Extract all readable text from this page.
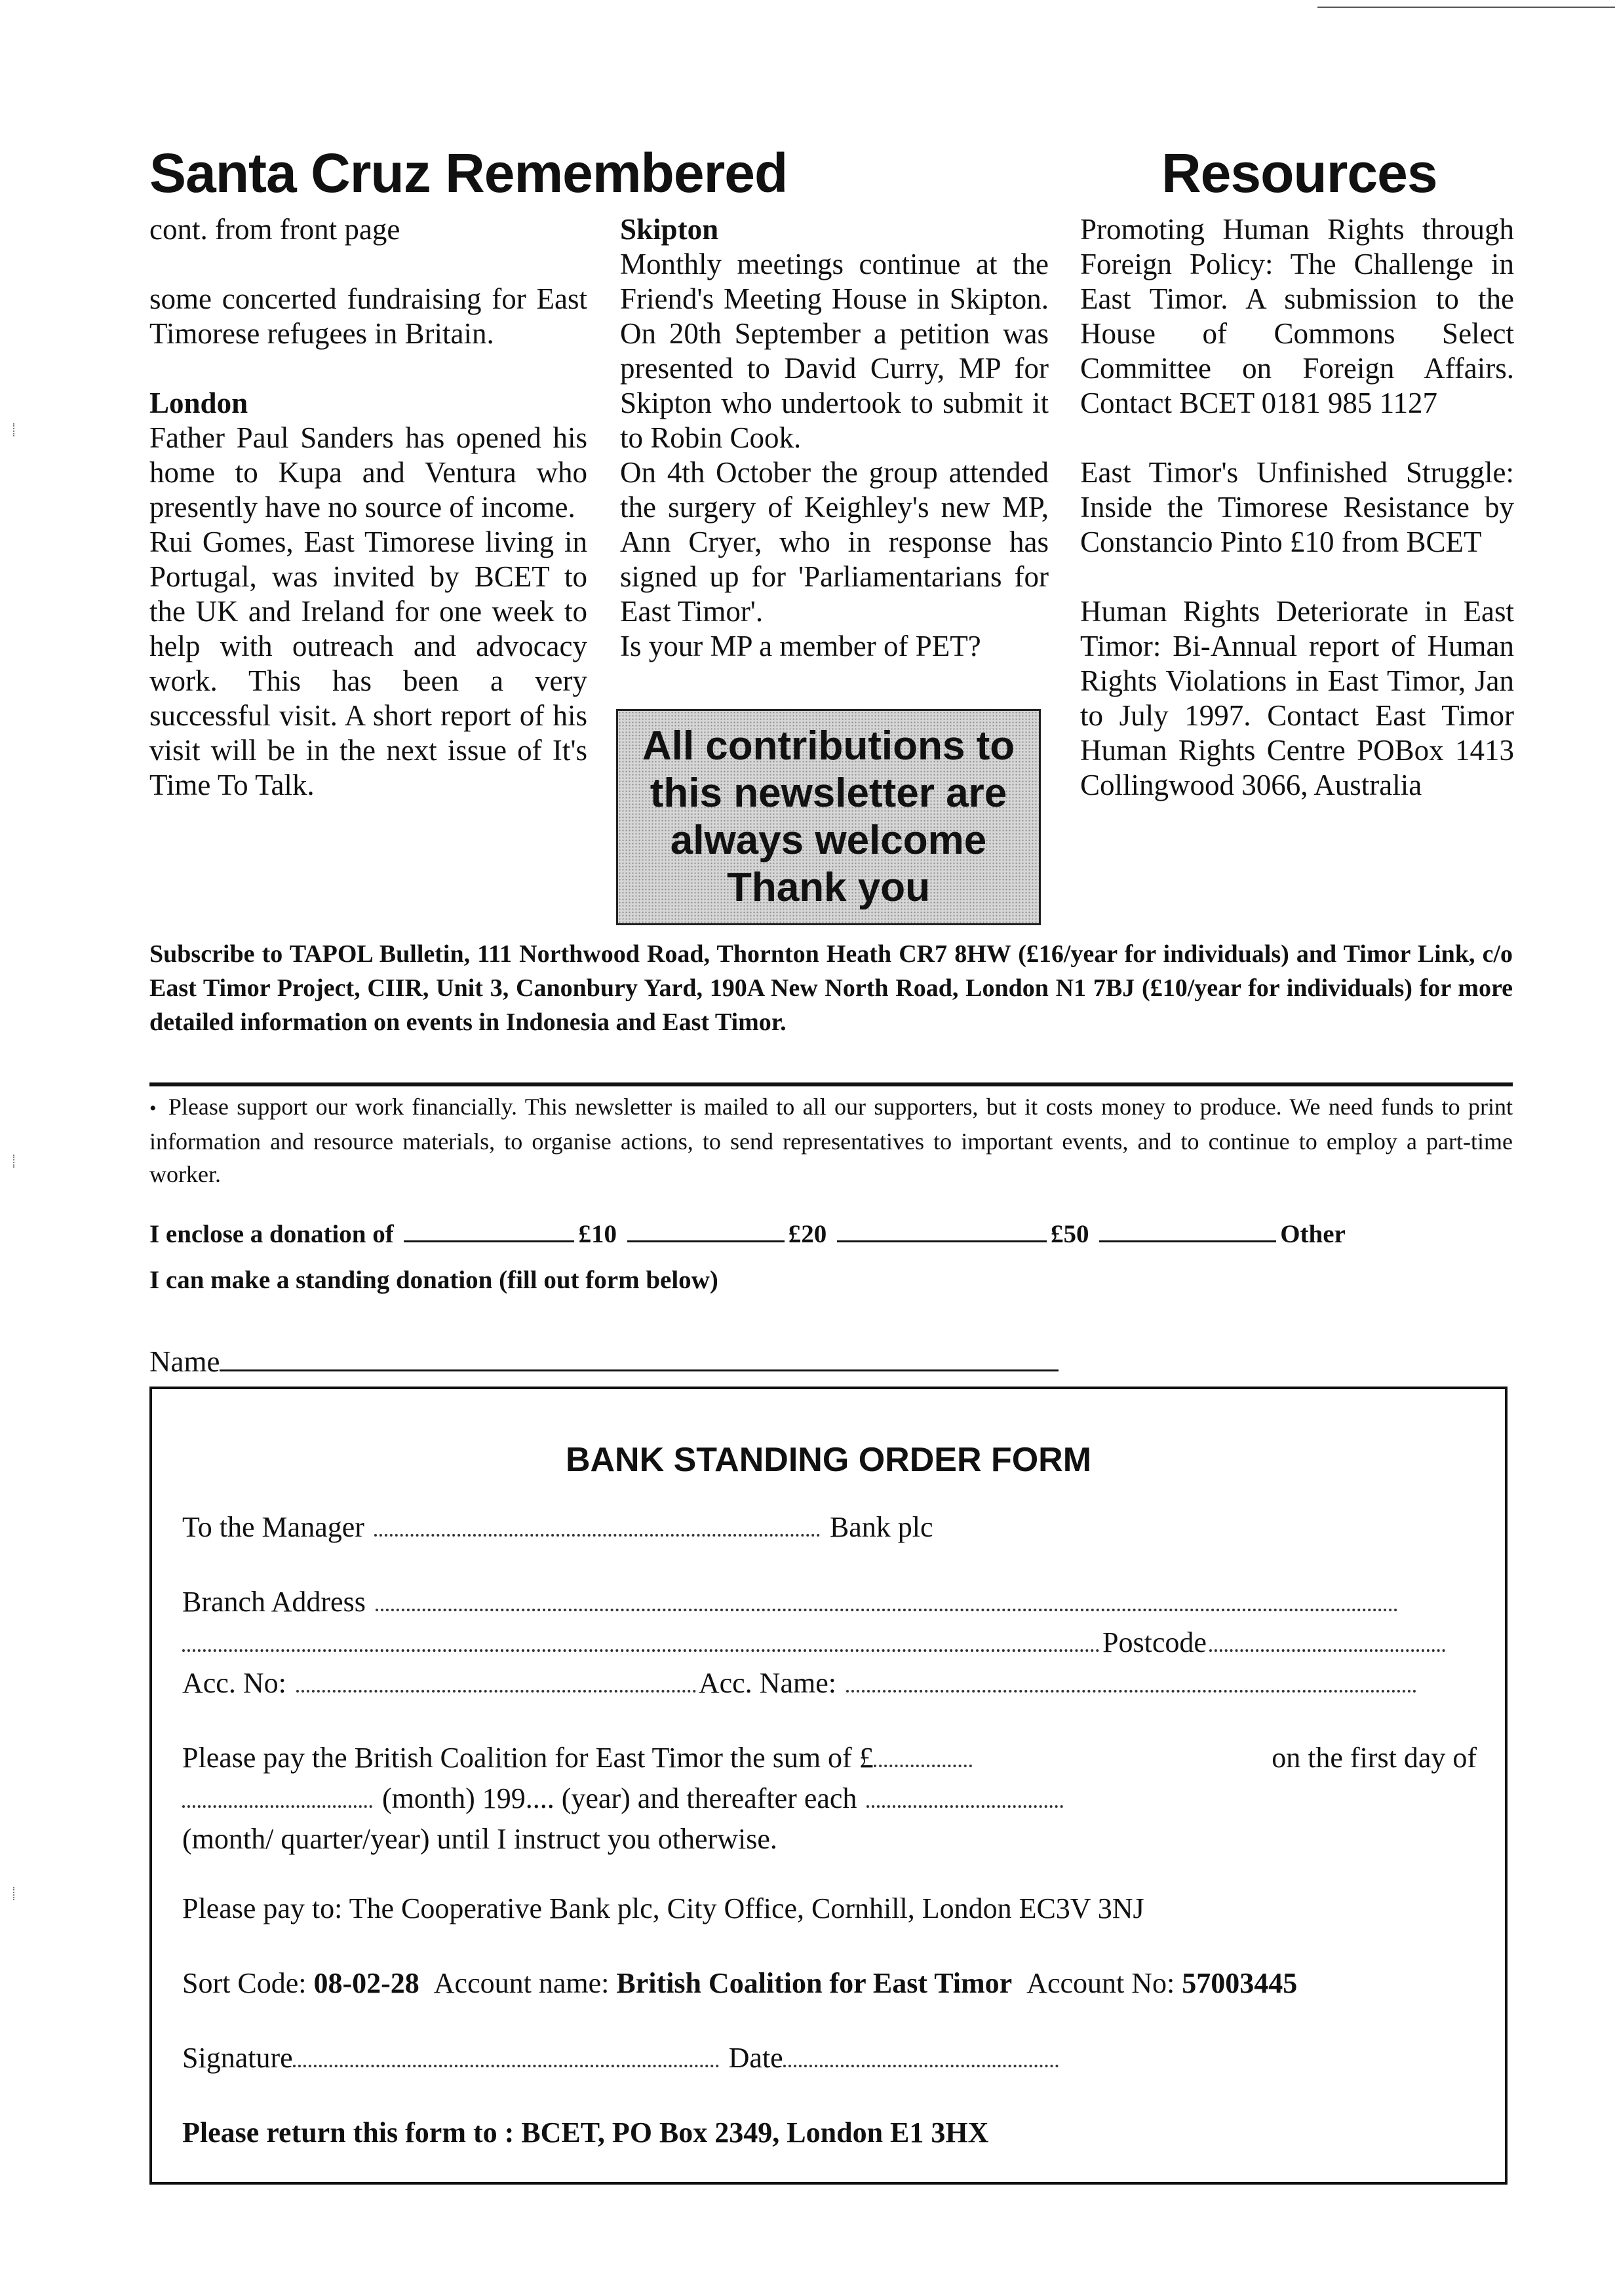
Santa Cruz Remembered	Resources

cont. from front page

some concerted fundraising for East Timorese refugees in Britain.

London

Father Paul Sanders has opened his home to Kupa and Ventura who presently have no source of income.

Rui Gomes, East Timorese living in Portugal, was invited by BCET to the UK and Ireland for one week to help with outreach and advocacy work. This has been a very successful visit. A short report of his visit will be in the next issue of It's Time To Talk.

Skipton

Monthly meetings continue at the Friend's Meeting House in Skipton. On 20th September a petition was presented to David Curry, MP for Skipton who undertook to submit it to Robin Cook.

On 4th October the group attended the surgery of Keighley's new MP, Ann Cryer, who in response has signed up for 'Parliamentarians for East Timor'.

Is your MP a member of PET?

All contributions to
this newsletter are
always welcome
Thank you

Promoting Human Rights through Foreign Policy: The Challenge in East Timor. A submission to the House of Commons Select Committee on Foreign Affairs. Contact BCET 0181 985 1127

East Timor's Unfinished Struggle: Inside the Timorese Resistance by Constancio Pinto £10 from BCET

Human Rights Deteriorate in East Timor: Bi-Annual report of Human Rights Violations in East Timor, Jan to July 1997. Contact East Timor Human Rights Centre POBox 1413 Collingwood 3066, Australia

Subscribe to TAPOL Bulletin, 111 Northwood Road, Thornton Heath CR7 8HW (£16/year for individuals) and Timor Link, c/o East Timor Project, CIIR, Unit 3, Canonbury Yard, 190A New North Road, London N1 7BJ (£10/year for individuals) for more detailed information on events in Indonesia and East Timor.
• Please support our work financially. This newsletter is mailed to all our supporters, but it costs money to produce. We need funds to print information and resource materials, to organise actions, to send representatives to important events, and to continue to employ a part-time worker.
I enclose a donation of	£10	£20	£50	Other
I can make a standing donation (fill out form below)
Name
BANK STANDING ORDER FORM
To the Manager	Bank plc
Branch Address
Postcode
Acc. No:	Acc. Name:
Please pay the British Coalition for East Timor the sum of £	on the first day of
(month) 199.... (year) and thereafter each
(month/ quarter/year) until I instruct you otherwise.
Please pay to: The Cooperative Bank plc, City Office, Cornhill, London EC3V 3NJ
Sort Code: 08-02-28 Account name: British Coalition for East Timor Account No: 57003445
Signature	Date
Please return this form to : BCET, PO Box 2349, London E1 3HX
